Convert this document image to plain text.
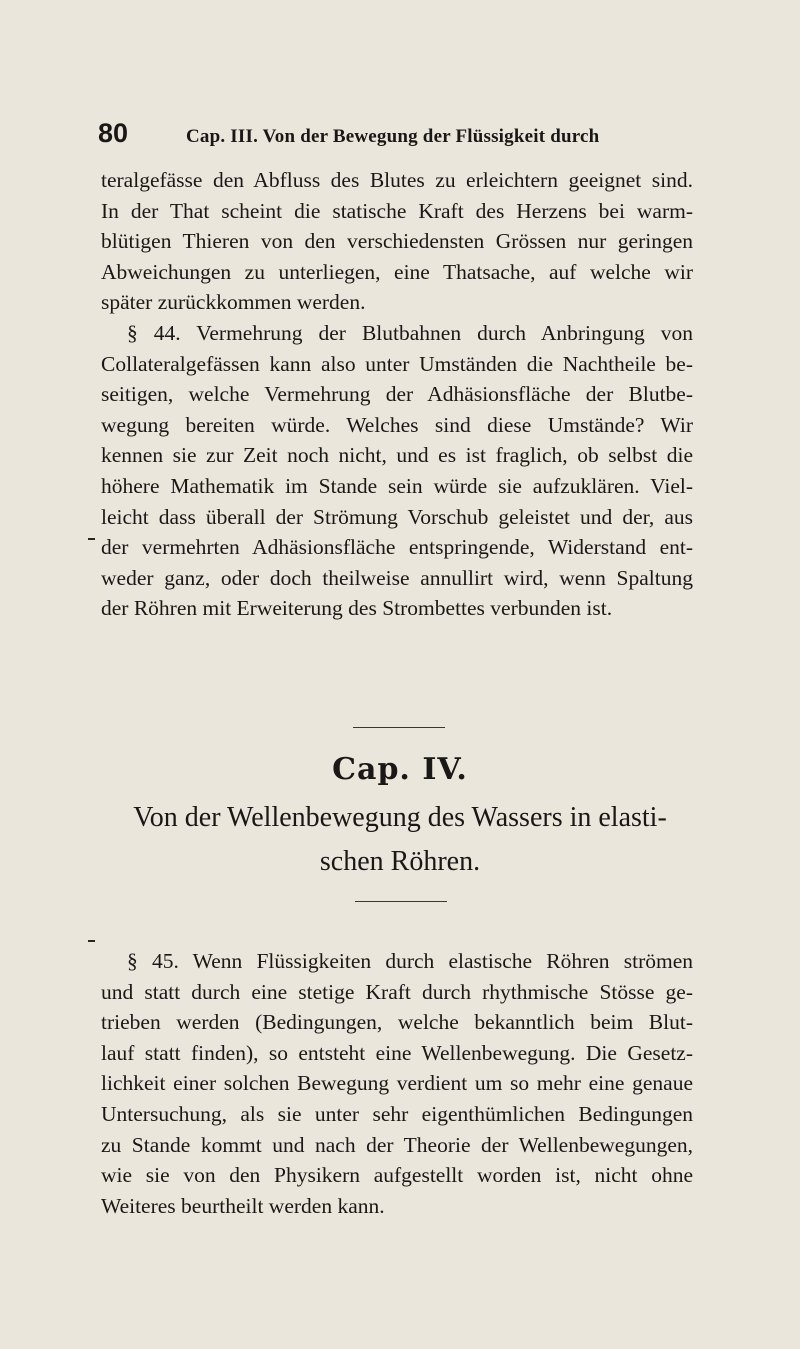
80	Cap. III. Von der Bewegung der Flüssigkeit durch
teralgefässe den Abfluss des Blutes zu erleichtern geeignet sind.
In der That scheint die statische Kraft des Herzens bei warm-
blütigen Thieren von den verschiedensten Grössen nur geringen
Abweichungen zu unterliegen, eine Thatsache, auf welche wir
später zurückkommen werden.
§ 44. Vermehrung der Blutbahnen durch Anbringung von
Collateralgefässen kann also unter Umständen die Nachtheile be-
seitigen, welche Vermehrung der Adhäsionsfläche der Blutbe-
wegung bereiten würde. Welches sind diese Umstände? Wir
kennen sie zur Zeit noch nicht, und es ist fraglich, ob selbst die
höhere Mathematik im Stande sein würde sie aufzuklären. Viel-
leicht dass überall der Strömung Vorschub geleistet und der, aus
der vermehrten Adhäsionsfläche entspringende, Widerstand ent-
weder ganz, oder doch theilweise annullirt wird, wenn Spaltung
der Röhren mit Erweiterung des Strombettes verbunden ist.
Cap. IV.
Von der Wellenbewegung des Wassers in elasti-
schen Röhren.
§ 45. Wenn Flüssigkeiten durch elastische Röhren strömen
und statt durch eine stetige Kraft durch rhythmische Stösse ge-
trieben werden (Bedingungen, welche bekanntlich beim Blut-
lauf statt finden), so entsteht eine Wellenbewegung. Die Gesetz-
lichkeit einer solchen Bewegung verdient um so mehr eine genaue
Untersuchung, als sie unter sehr eigenthümlichen Bedingungen
zu Stande kommt und nach der Theorie der Wellenbewegungen,
wie sie von den Physikern aufgestellt worden ist, nicht ohne
Weiteres beurtheilt werden kann.
